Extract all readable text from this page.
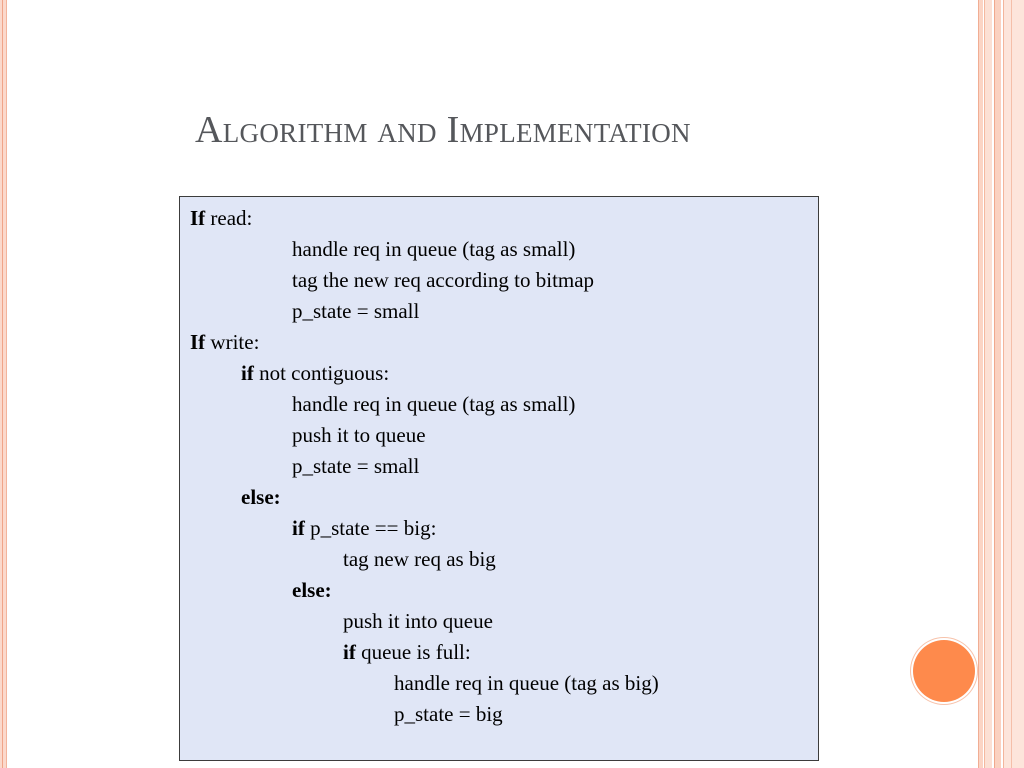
Algorithm and Implementation
If read:
handle req in queue (tag as small)
tag the new req according to bitmap
p_state = small
If write:
if not contiguous:
handle req in queue (tag as small)
push it to queue
p_state = small
else:
if p_state == big:
tag new req as big
else:
push it into queue
if queue is full:
handle req in queue (tag as big)
p_state = big
